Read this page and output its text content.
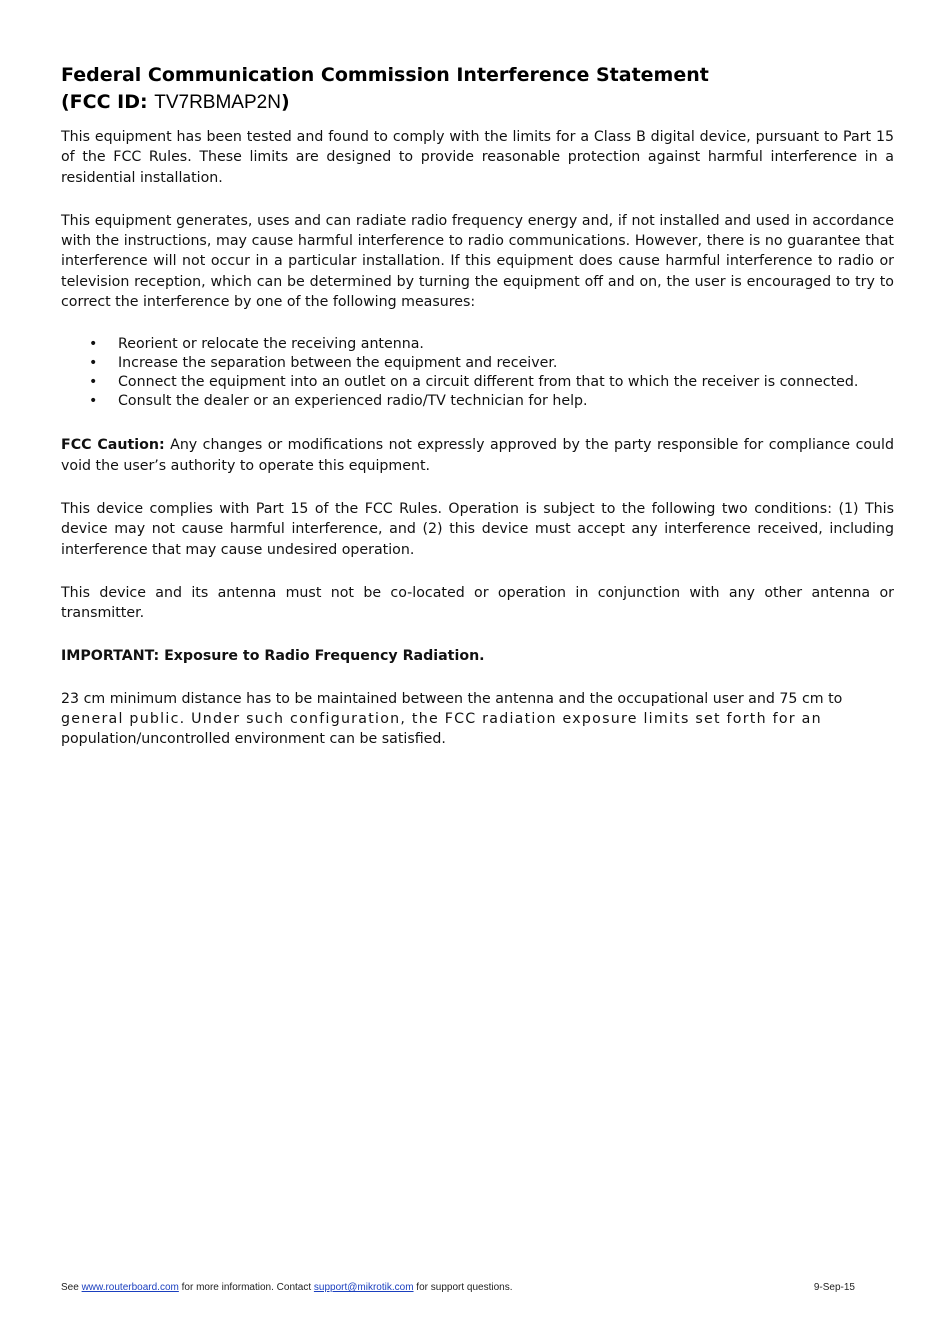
Federal Communication Commission Interference Statement
(FCC ID: TV7RBMAP2N)

This equipment has been tested and found to comply with the limits for a Class B digital device, pursuant to Part 15 of the FCC Rules. These limits are designed to provide reasonable protection against harmful interference in a residential installation.

This equipment generates, uses and can radiate radio frequency energy and, if not installed and used in accordance with the instructions, may cause harmful interference to radio communications. However, there is no guarantee that interference will not occur in a particular installation. If this equipment does cause harmful interference to radio or television reception, which can be determined by turning the equipment off and on, the user is encouraged to try to correct the interference by one of the following measures:

• Reorient or relocate the receiving antenna.
• Increase the separation between the equipment and receiver.
• Connect the equipment into an outlet on a circuit different from that to which the receiver is connected.
• Consult the dealer or an experienced radio/TV technician for help.

FCC Caution: Any changes or modifications not expressly approved by the party responsible for compliance could void the user’s authority to operate this equipment.

This device complies with Part 15 of the FCC Rules. Operation is subject to the following two conditions: (1) This device may not cause harmful interference, and (2) this device must accept any interference received, including interference that may cause undesired operation.

This device and its antenna must not be co-located or operation in conjunction with any other antenna or transmitter.

IMPORTANT: Exposure to Radio Frequency Radiation.

23 cm minimum distance has to be maintained between the antenna and the occupational user and 75 cm to
general public. Under such configuration, the FCC radiation exposure limits set forth for an
population/uncontrolled environment can be satisfied.

See www.routerboard.com for more information. Contact support@mikrotik.com for support questions.	9-Sep-15
